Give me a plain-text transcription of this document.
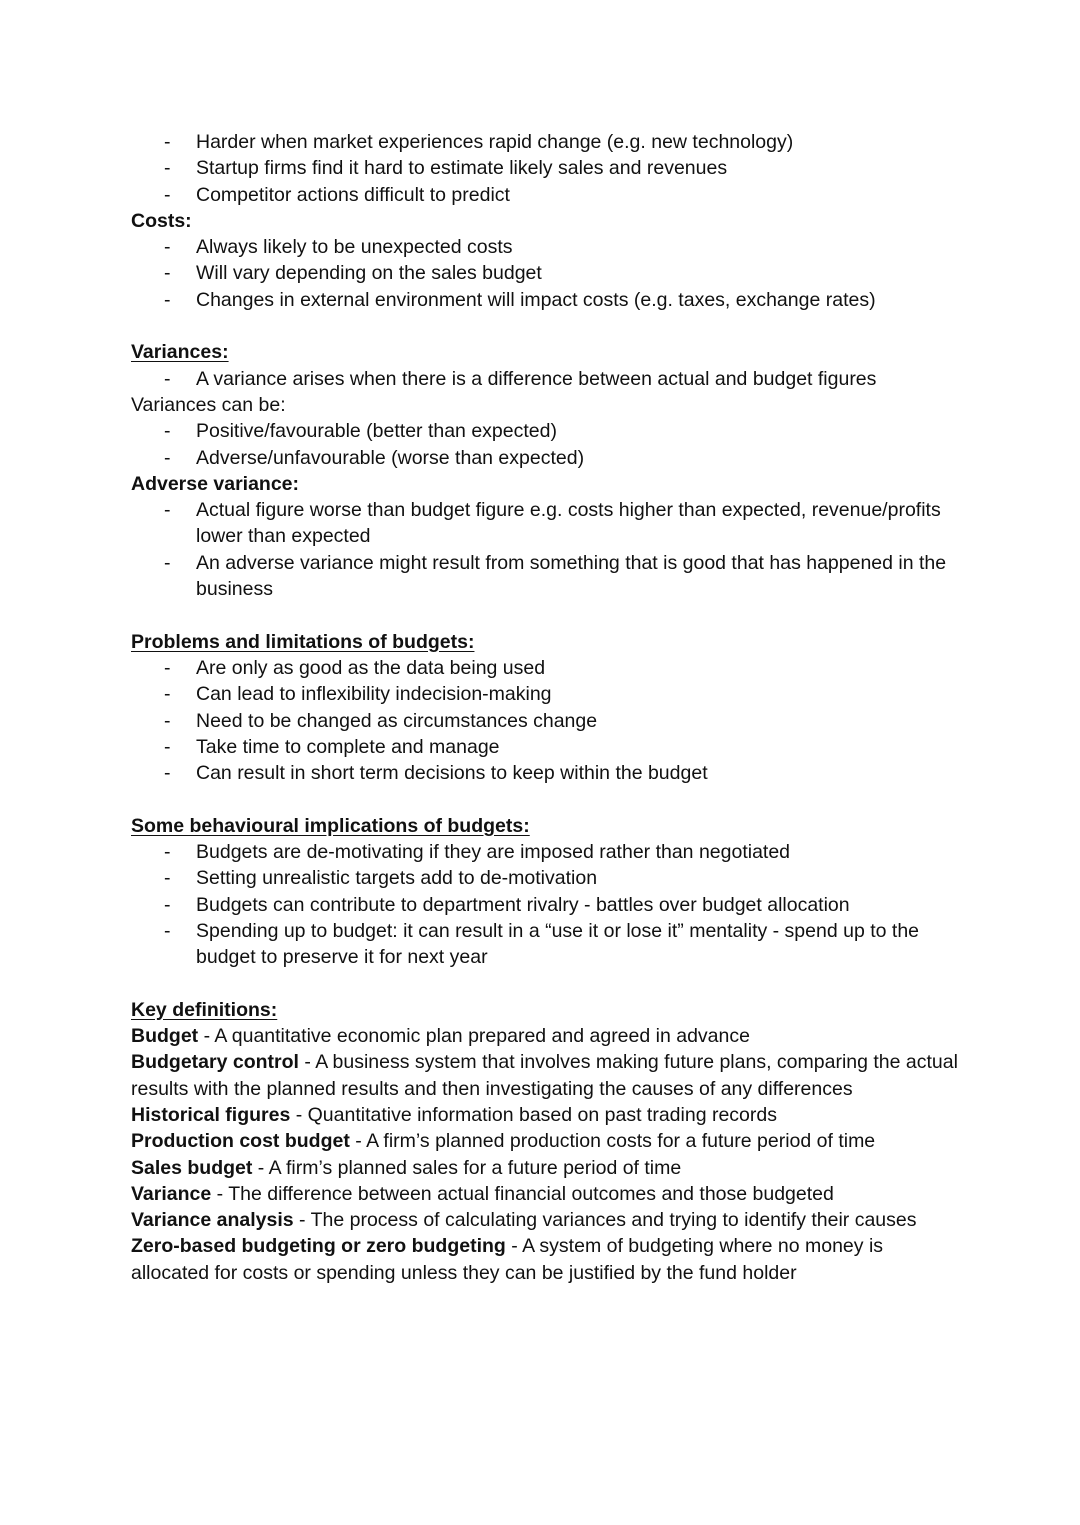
- Harder when market experiences rapid change (e.g. new technology)
- Startup firms find it hard to estimate likely sales and revenues
- Competitor actions difficult to predict
Costs:
- Always likely to be unexpected costs
- Will vary depending on the sales budget
- Changes in external environment will impact costs (e.g. taxes, exchange rates)
Variances:
- A variance arises when there is a difference between actual and budget figures
Variances can be:
- Positive/favourable (better than expected)
- Adverse/unfavourable (worse than expected)
Adverse variance:
- Actual figure worse than budget figure e.g. costs higher than expected, revenue/profits lower than expected
- An adverse variance might result from something that is good that has happened in the business
Problems and limitations of budgets:
- Are only as good as the data being used
- Can lead to inflexibility indecision-making
- Need to be changed as circumstances change
- Take time to complete and manage
- Can result in short term decisions to keep within the budget
Some behavioural implications of budgets:
- Budgets are de-motivating if they are imposed rather than negotiated
- Setting unrealistic targets add to de-motivation
- Budgets can contribute to department rivalry - battles over budget allocation
- Spending up to budget: it can result in a “use it or lose it” mentality - spend up to the budget to preserve it for next year
Key definitions:
Budget - A quantitative economic plan prepared and agreed in advance
Budgetary control - A business system that involves making future plans, comparing the actual results with the planned results and then investigating the causes of any differences
Historical figures - Quantitative information based on past trading records
Production cost budget - A firm’s planned production costs for a future period of time
Sales budget - A firm’s planned sales for a future period of time
Variance - The difference between actual financial outcomes and those budgeted
Variance analysis - The process of calculating variances and trying to identify their causes
Zero-based budgeting or zero budgeting - A system of budgeting where no money is allocated for costs or spending unless they can be justified by the fund holder
